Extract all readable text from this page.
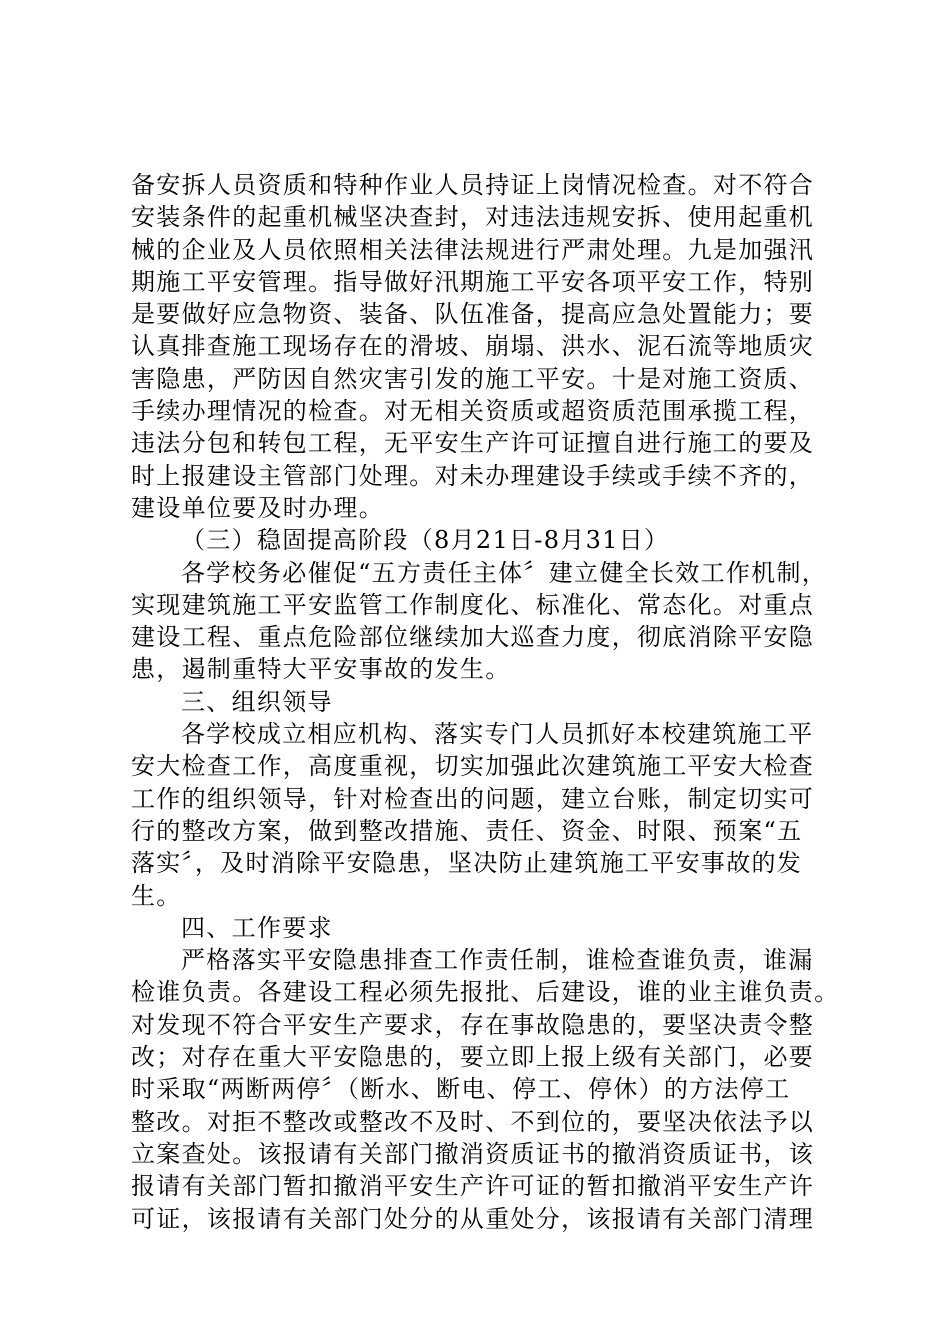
备安拆人员资质和特种作业人员持证上岗情况检查。对不符合
安装条件的起重机械坚决查封，对违法违规安拆、使用起重机
械的企业及人员依照相关法律法规进行严肃处理。九是加强汛
期施工平安管理。指导做好汛期施工平安各项平安工作，特别
是要做好应急物资、装备、队伍准备，提高应急处置能力；要
认真排查施工现场存在的滑坡、崩塌、洪水、泥石流等地质灾
害隐患，严防因自然灾害引发的施工平安。十是对施工资质、
手续办理情况的检查。对无相关资质或超资质范围承揽工程，
违法分包和转包工程，无平安生产许可证擅自进行施工的要及
时上报建设主管部门处理。对未办理建设手续或手续不齐的，
建设单位要及时办理。
（三）稳固提高阶段（8月21日-8月31日）
各学校务必催促“五方责任主体〞建立健全长效工作机制，
实现建筑施工平安监管工作制度化、标准化、常态化。对重点
建设工程、重点危险部位继续加大巡查力度，彻底消除平安隐
患，遏制重特大平安事故的发生。
三、组织领导
各学校成立相应机构、落实专门人员抓好本校建筑施工平
安大检查工作，高度重视，切实加强此次建筑施工平安大检查
工作的组织领导，针对检查出的问题，建立台账，制定切实可
行的整改方案，做到整改措施、责任、资金、时限、预案“五
落实〞，及时消除平安隐患，坚决防止建筑施工平安事故的发
生。
四、工作要求
严格落实平安隐患排查工作责任制，谁检查谁负责，谁漏
检谁负责。各建设工程必须先报批、后建设，谁的业主谁负责。
对发现不符合平安生产要求，存在事故隐患的，要坚决责令整
改；对存在重大平安隐患的，要立即上报上级有关部门，必要
时采取“两断两停〞（断水、断电、停工、停休）的方法停工
整改。对拒不整改或整改不及时、不到位的，要坚决依法予以
立案查处。该报请有关部门撤消资质证书的撤消资质证书，该
报请有关部门暂扣撤消平安生产许可证的暂扣撤消平安生产许
可证，该报请有关部门处分的从重处分，该报请有关部门清理
